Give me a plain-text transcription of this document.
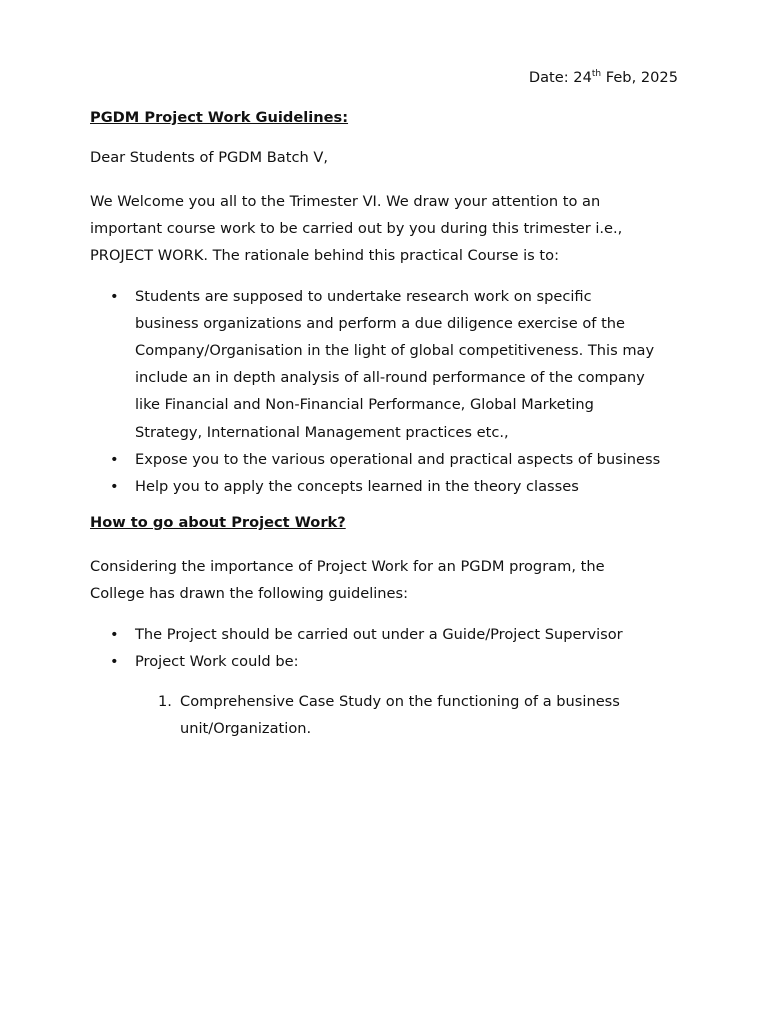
Date: 24th Feb, 2025
PGDM Project Work Guidelines:
Dear Students of PGDM Batch V,
We Welcome you all to the Trimester VI. We draw your attention to an
important course work to be carried out by you during this trimester i.e.,
PROJECT WORK. The rationale behind this practical Course is to:
• Students are supposed to undertake research work on specific
business organizations and perform a due diligence exercise of the
Company/Organisation in the light of global competitiveness. This may
include an in depth analysis of all-round performance of the company
like Financial and Non-Financial Performance, Global Marketing
Strategy, International Management practices etc.,
• Expose you to the various operational and practical aspects of business
• Help you to apply the concepts learned in the theory classes
How to go about Project Work?
Considering the importance of Project Work for an PGDM program, the
College has drawn the following guidelines:
• The Project should be carried out under a Guide/Project Supervisor
• Project Work could be:
1. Comprehensive Case Study on the functioning of a business
unit/Organization.
